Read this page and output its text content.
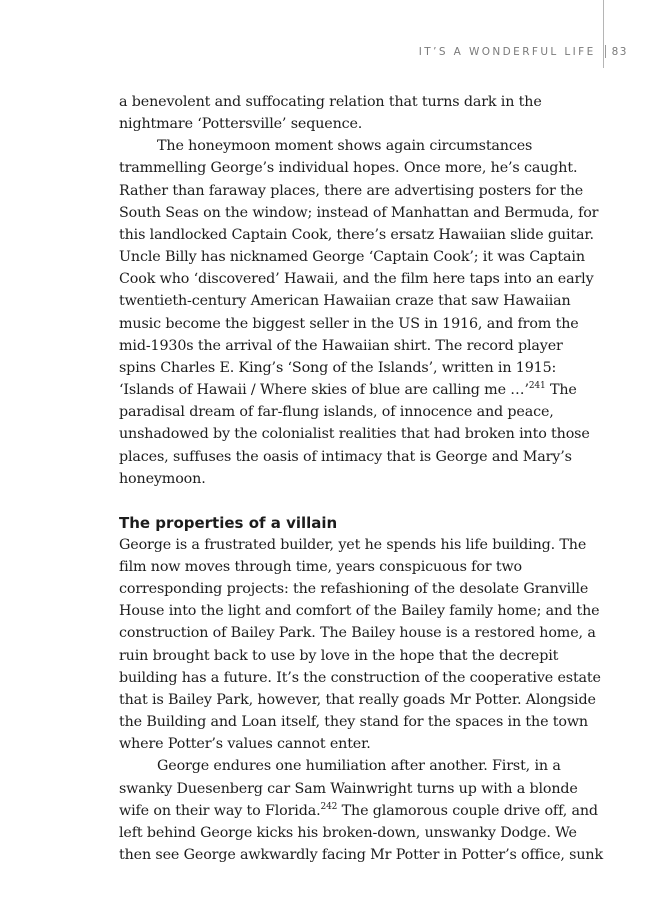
IT’S A WONDERFUL LIFE 83

a benevolent and suffocating relation that turns dark in the nightmare ‘Pottersville’ sequence.

The honeymoon moment shows again circumstances trammelling George’s individual hopes. Once more, he’s caught. Rather than faraway places, there are advertising posters for the South Seas on the window; instead of Manhattan and Bermuda, for this landlocked Captain Cook, there’s ersatz Hawaiian slide guitar. Uncle Billy has nicknamed George ‘Captain Cook’; it was Captain Cook who ‘discovered’ Hawaii, and the film here taps into an early twentieth-century American Hawaiian craze that saw Hawaiian music become the biggest seller in the US in 1916, and from the mid-1930s the arrival of the Hawaiian shirt. The record player spins Charles E. King’s ‘Song of the Islands’, written in 1915: ‘Islands of Hawaii / Where skies of blue are calling me …’$^{241}$ The paradisal dream of far-flung islands, of innocence and peace, unshadowed by the colonialist realities that had broken into those places, suffuses the oasis of intimacy that is George and Mary’s honeymoon.

The properties of a villain

George is a frustrated builder, yet he spends his life building. The film now moves through time, years conspicuous for two corresponding projects: the refashioning of the desolate Granville House into the light and comfort of the Bailey family home; and the construction of Bailey Park. The Bailey house is a restored home, a ruin brought back to use by love in the hope that the decrepit building has a future. It’s the construction of the cooperative estate that is Bailey Park, however, that really goads Mr Potter. Alongside the Building and Loan itself, they stand for the spaces in the town where Potter’s values cannot enter.

George endures one humiliation after another. First, in a swanky Duesenberg car Sam Wainwright turns up with a blonde wife on their way to Florida.$^{242}$ The glamorous couple drive off, and left behind George kicks his broken-down, unswanky Dodge. We then see George awkwardly facing Mr Potter in Potter’s office, sunk
